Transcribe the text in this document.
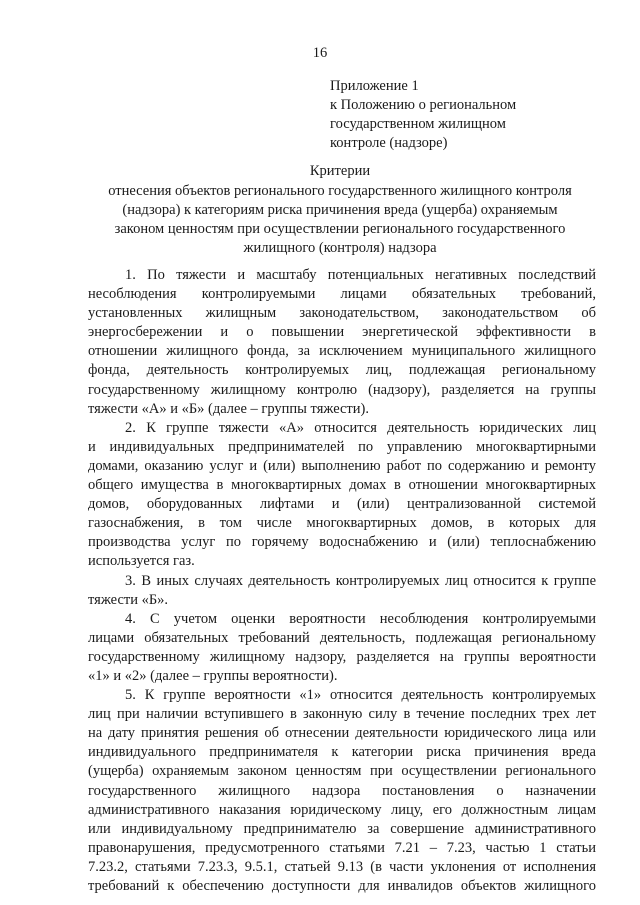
16
Приложение 1
к Положению о региональном
государственном жилищном
контроле (надзоре)
Критерии
отнесения объектов регионального государственного жилищного контроля
(надзора) к категориям риска причинения вреда (ущерба) охраняемым
законом ценностям при осуществлении регионального государственного
жилищного (контроля) надзора
1. По тяжести и масштабу потенциальных негативных последствий
несоблюдения контролируемыми лицами обязательных требований,
установленных жилищным законодательством, законодательством об
энергосбережении и о повышении энергетической эффективности в
отношении жилищного фонда, за исключением муниципального жилищного
фонда, деятельность контролируемых лиц, подлежащая региональному
государственному жилищному контролю (надзору), разделяется на группы
тяжести «А» и «Б» (далее – группы тяжести).
2. К группе тяжести «А» относится деятельность юридических лиц
и индивидуальных предпринимателей по управлению многоквартирными
домами, оказанию услуг и (или) выполнению работ по содержанию и ремонту
общего имущества в многоквартирных домах в отношении многоквартирных
домов, оборудованных лифтами и (или) централизованной системой
газоснабжения, в том числе многоквартирных домов, в которых для
производства услуг по горячему водоснабжению и (или) теплоснабжению
используется газ.
3. В иных случаях деятельность контролируемых лиц относится к группе
тяжести «Б».
4. С учетом оценки вероятности несоблюдения контролируемыми
лицами обязательных требований деятельность, подлежащая региональному
государственному жилищному надзору, разделяется на группы вероятности
«1» и «2» (далее – группы вероятности).
5. К группе вероятности «1» относится деятельность контролируемых
лиц при наличии вступившего в законную силу в течение последних трех лет
на дату принятия решения об отнесении деятельности юридического лица или
индивидуального предпринимателя к категории риска причинения вреда
(ущерба) охраняемым законом ценностям при осуществлении регионального
государственного жилищного надзора постановления о назначении
административного наказания юридическому лицу, его должностным лицам
или индивидуальному предпринимателю за совершение административного
правонарушения, предусмотренного статьями 7.21 – 7.23, частью 1 статьи
7.23.2, статьями 7.23.3, 9.5.1, статьей 9.13 (в части уклонения от исполнения
требований к обеспечению доступности для инвалидов объектов жилищного
